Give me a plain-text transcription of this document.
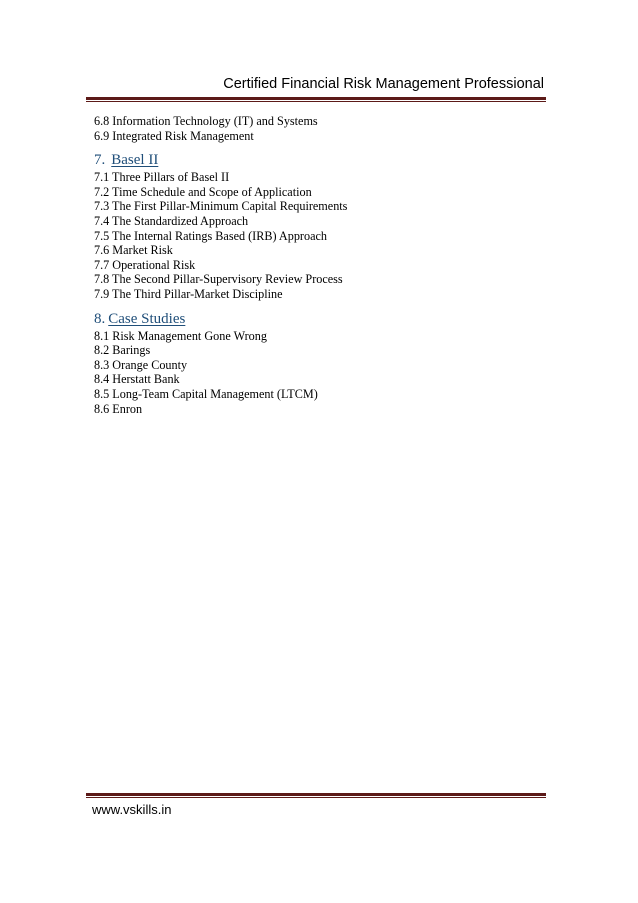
Certified Financial Risk Management Professional
6.8 Information Technology (IT) and Systems
6.9 Integrated Risk Management
7. Basel II
7.1 Three Pillars of Basel II
7.2 Time Schedule and Scope of Application
7.3 The First Pillar-Minimum Capital Requirements
7.4 The Standardized Approach
7.5 The Internal Ratings Based (IRB) Approach
7.6 Market Risk
7.7 Operational Risk
7.8 The Second Pillar-Supervisory Review Process
7.9 The Third Pillar-Market Discipline
8. Case Studies
8.1 Risk Management Gone Wrong
8.2 Barings
8.3 Orange County
8.4 Herstatt Bank
8.5 Long-Team Capital Management (LTCM)
8.6 Enron
www.vskills.in
